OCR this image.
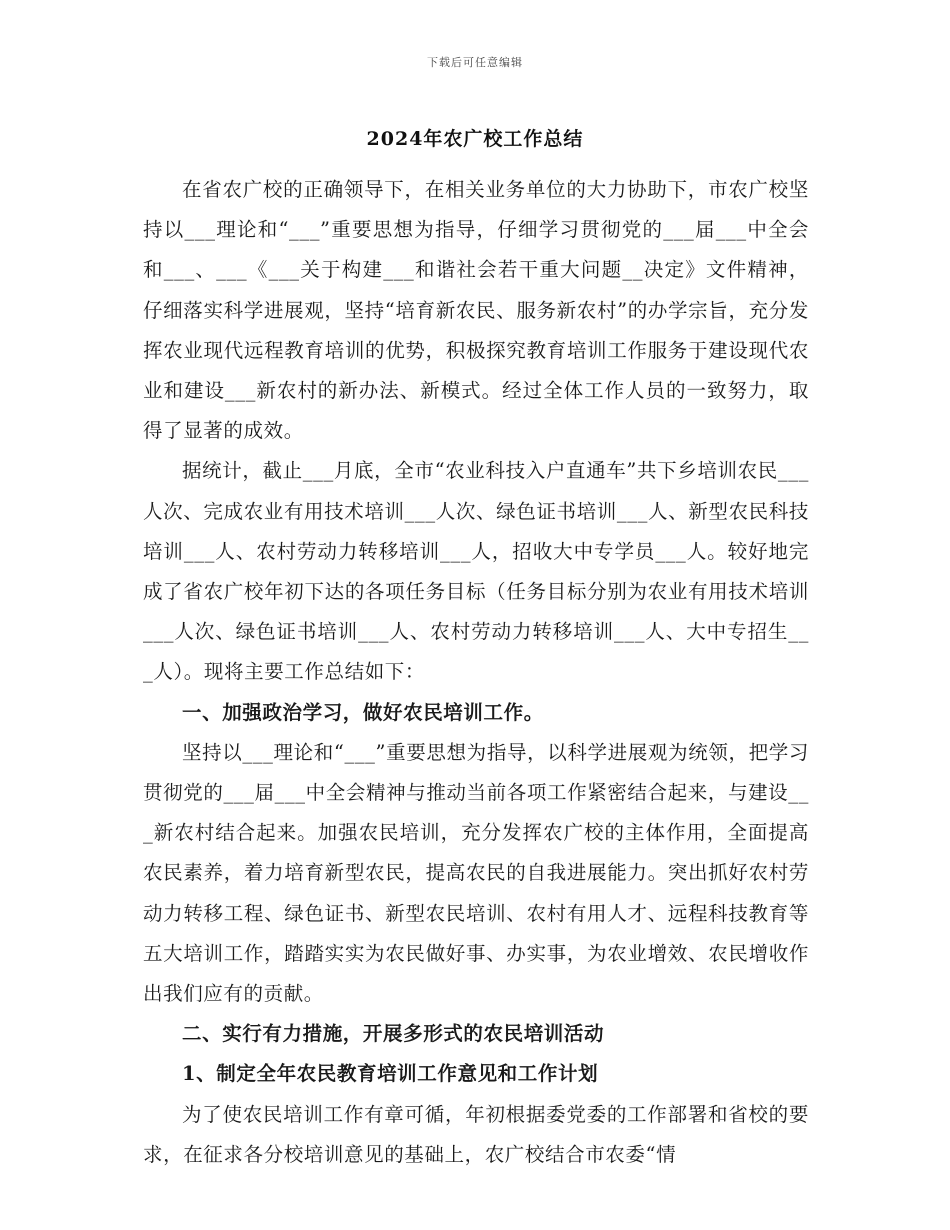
下载后可任意编辑
2024年农广校工作总结

在省农广校的正确领导下，在相关业务单位的大力协助下，市农广校坚持以___理论和“___”重要思想为指导，仔细学习贯彻党的___届___中全会和___、___《___关于构建___和谐社会若干重大问题__决定》文件精神，仔细落实科学进展观，坚持“培育新农民、服务新农村”的办学宗旨，充分发挥农业现代远程教育培训的优势，积极探究教育培训工作服务于建设现代农业和建设___新农村的新办法、新模式。经过全体工作人员的一致努力，取得了显著的成效。

据统计，截止___月底，全市“农业科技入户直通车”共下乡培训农民___人次、完成农业有用技术培训___人次、绿色证书培训___人、新型农民科技培训___人、农村劳动力转移培训___人，招收大中专学员___人。较好地完成了省农广校年初下达的各项任务目标（任务目标分别为农业有用技术培训___人次、绿色证书培训___人、农村劳动力转移培训___人、大中专招生___人）。现将主要工作总结如下：

一、加强政治学习，做好农民培训工作。

坚持以___理论和“___”重要思想为指导，以科学进展观为统领，把学习贯彻党的___届___中全会精神与推动当前各项工作紧密结合起来，与建设___新农村结合起来。加强农民培训，充分发挥农广校的主体作用，全面提高农民素养，着力培育新型农民，提高农民的自我进展能力。突出抓好农村劳动力转移工程、绿色证书、新型农民培训、农村有用人才、远程科技教育等五大培训工作，踏踏实实为农民做好事、办实事，为农业增效、农民增收作出我们应有的贡献。

二、实行有力措施，开展多形式的农民培训活动

1、制定全年农民教育培训工作意见和工作计划

为了使农民培训工作有章可循，年初根据委党委的工作部署和省校的要求，在征求各分校培训意见的基础上，农广校结合市农委“情
